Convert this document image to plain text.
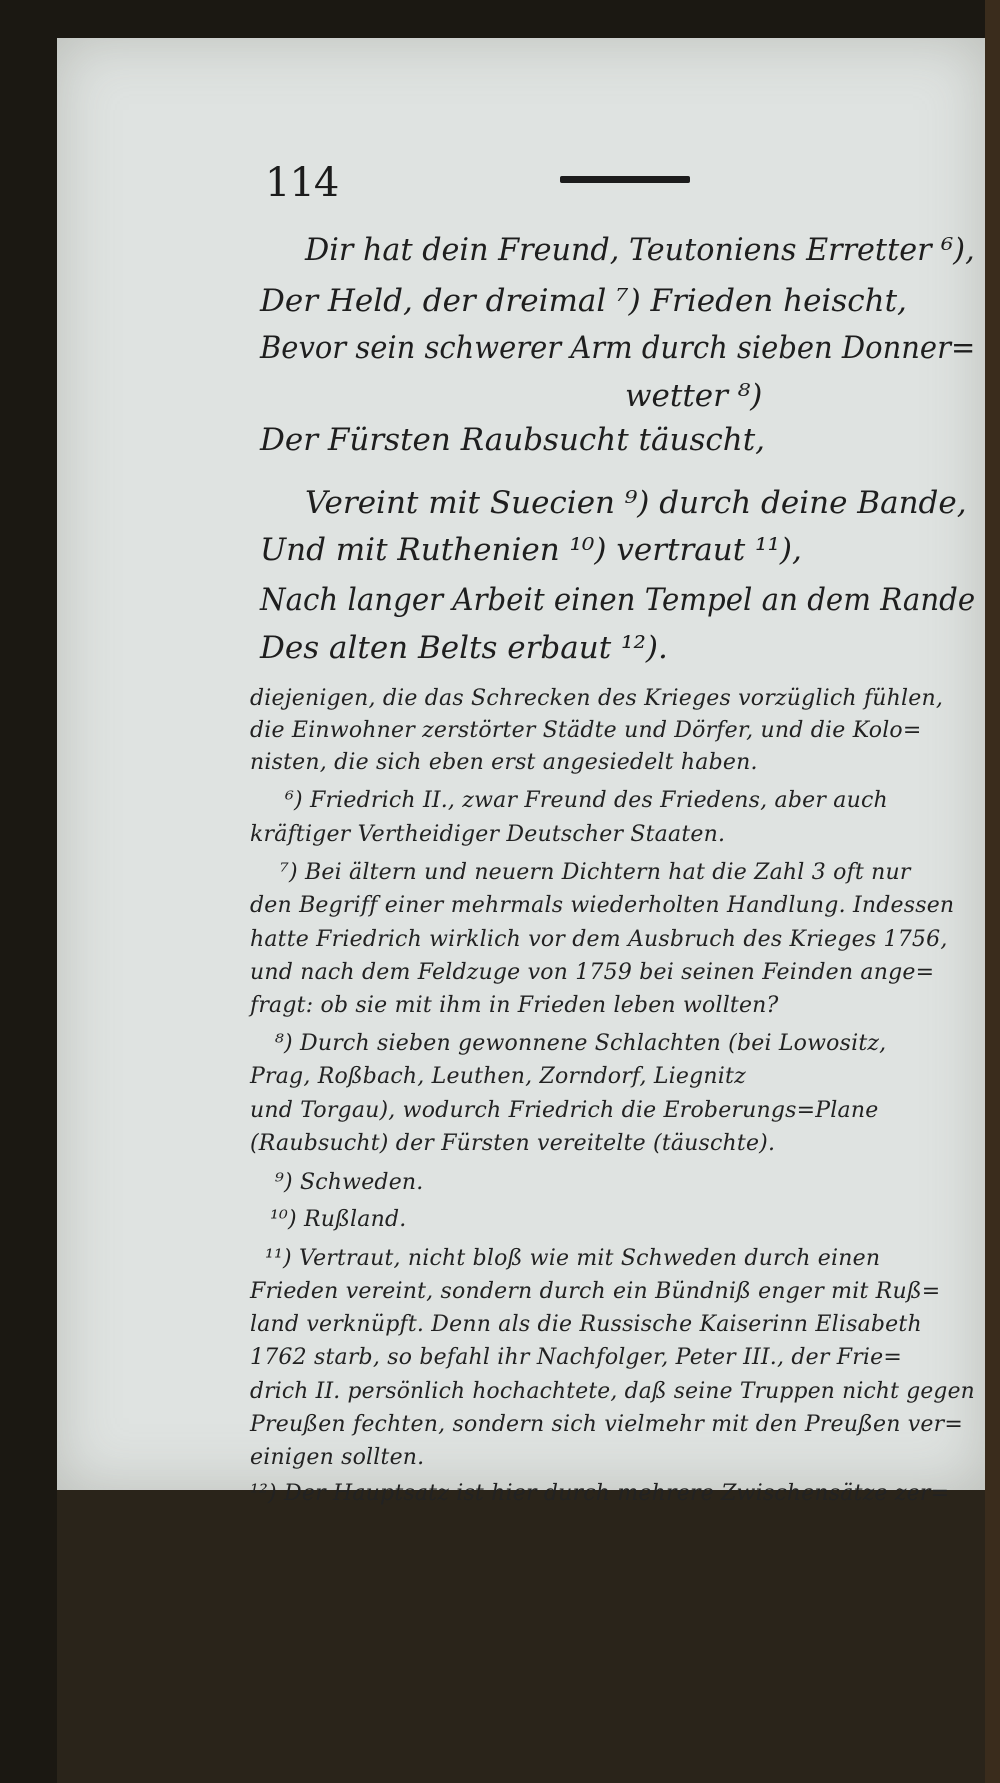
114
Dir hat dein Freund, Teutoniens Erretter ⁶),
Der Held, der dreimal ⁷) Frieden heischt,
Bevor sein schwerer Arm durch sieben Donner=
wetter ⁸)
Der Fürsten Raubsucht täuscht,
Vereint mit Suecien ⁹) durch deine Bande,
Und mit Ruthenien ¹⁰) vertraut ¹¹),
Nach langer Arbeit einen Tempel an dem Rande
Des alten Belts erbaut ¹²).
diejenigen, die das Schrecken des Krieges vorzüglich fühlen,
die Einwohner zerstörter Städte und Dörfer, und die Kolo=
nisten, die sich eben erst angesiedelt haben.
⁶) Friedrich II., zwar Freund des Friedens, aber auch
kräftiger Vertheidiger Deutscher Staaten.
⁷) Bei ältern und neuern Dichtern hat die Zahl 3 oft nur
den Begriff einer mehrmals wiederholten Handlung. Indessen
hatte Friedrich wirklich vor dem Ausbruch des Krieges 1756,
und nach dem Feldzuge von 1759 bei seinen Feinden ange=
fragt: ob sie mit ihm in Frieden leben wollten?
⁸) Durch sieben gewonnene Schlachten (bei Lowositz,
Prag, Roßbach, Leuthen, Zorndorf, Liegnitz
und Torgau), wodurch Friedrich die Eroberungs=Plane
(Raubsucht) der Fürsten vereitelte (täuschte).
⁹) Schweden.
¹⁰) Rußland.
¹¹) Vertraut, nicht bloß wie mit Schweden durch einen
Frieden vereint, sondern durch ein Bündniß enger mit Ruß=
land verknüpft. Denn als die Russische Kaiserinn Elisabeth
1762 starb, so befahl ihr Nachfolger, Peter III., der Frie=
drich II. persönlich hochachtete, daß seine Truppen nicht gegen
Preußen fechten, sondern sich vielmehr mit den Preußen ver=
einigen sollten.
¹²) Der Hauptsatz ist hier durch mehrere Zwischensätze zer=
